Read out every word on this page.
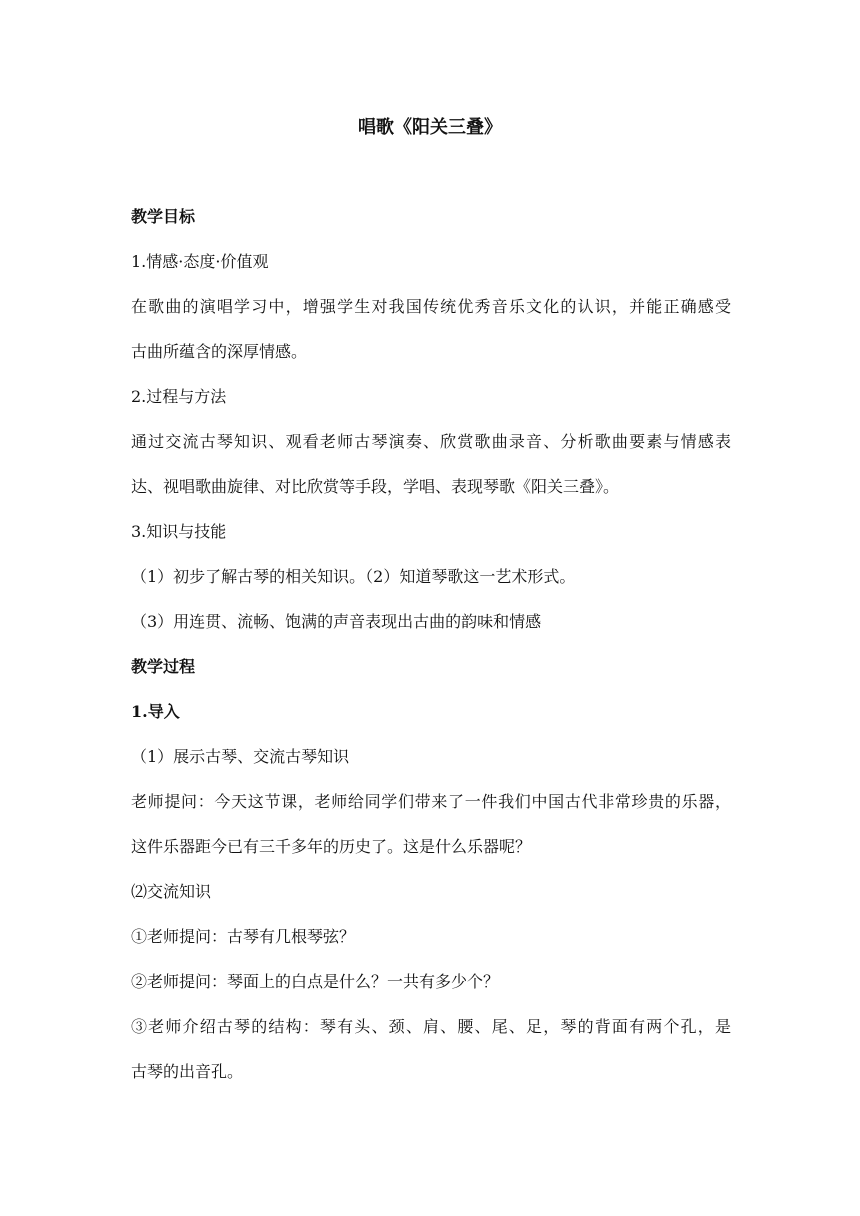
唱歌《阳关三叠》
教学目标
1.情感·态度·价值观
在歌曲的演唱学习中，增强学生对我国传统优秀音乐文化的认识，并能正确感受
古曲所蕴含的深厚情感。
2.过程与方法
通过交流古琴知识、观看老师古琴演奏、欣赏歌曲录音、分析歌曲要素与情感表
达、视唱歌曲旋律、对比欣赏等手段，学唱、表现琴歌《阳关三叠》。
3.知识与技能
（1）初步了解古琴的相关知识。（2）知道琴歌这一艺术形式。
（3）用连贯、流畅、饱满的声音表现出古曲的韵味和情感
教学过程
1.导入
（1）展示古琴、交流古琴知识
老师提问：今天这节课，老师给同学们带来了一件我们中国古代非常珍贵的乐器，
这件乐器距今已有三千多年的历史了。这是什么乐器呢？
⑵交流知识
①老师提问：古琴有几根琴弦？
②老师提问：琴面上的白点是什么？一共有多少个？
③老师介绍古琴的结构：琴有头、颈、肩、腰、尾、足，琴的背面有两个孔，是
古琴的出音孔。
